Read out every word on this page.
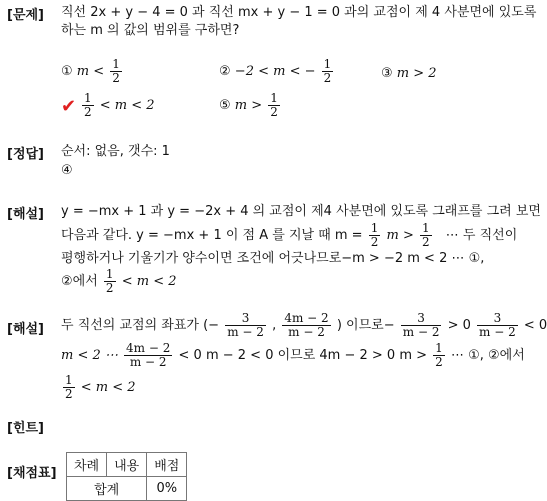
[문제] 직선 2x + y − 4 = 0 과 직선 mx + y − 1 = 0 과의 교점이 제 4 사분면에 있도록
하는 m 의 값의 범위를 구하면?
① $m < \frac{1}{2}$	② −2 < m < − $\frac{1}{2}$	③ m > 2
✔ $\frac{1}{2} < m < 2$	⑤ $m > \frac{1}{2}$
[정답] 순서: 없음, 갯수: 1
④
[해설] y = −mx + 1 과 y = −2x + 4 의 교점이 제4 사분면에 있도록 그래프를 그려 보면
다음과 같다. y = −mx + 1 이 점 A 를 지날 때 $m = \frac{1}{2}$ $m > \frac{1}{2}$ ⋯ 두 직선이
평행하거나 기울기가 양수이면 조건에 어긋나므로−m > −2 m < 2 ⋯ ①,
②에서 $\frac{1}{2} < m < 2$
[해설] 두 직선의 교점의 좌표가 (− $\frac{3}{m - 2}$ , $\frac{4m - 2}{m - 2}$ ) 이므로− $\frac{3}{m - 2} > 0 \frac{3}{m - 2} < 0$
m < 2 ⋯ $\frac{4m - 2}{m - 2} < 0$ m − 2 < 0 이므로 4m − 2 > 0 $m > \frac{1}{2}$ ⋯ ①, ②에서
$\frac{1}{2} < m < 2$
[힌트]
[채점표] 차례	내용	배점
합계		0%
